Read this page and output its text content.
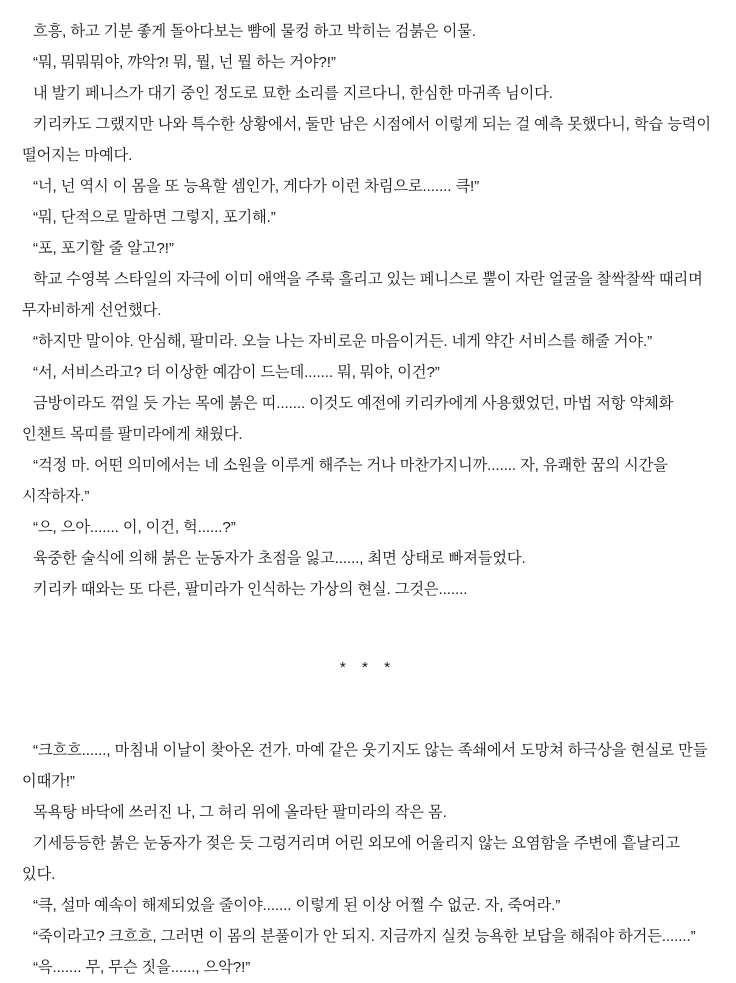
흐흥, 하고 기분 좋게 돌아다보는 뺨에 물컹 하고 박히는 검붉은 이물.

“뭐, 뭐뭐뭐야, 꺄악?! 뭐, 뭘, 넌 뭘 하는 거야?!”

내 발기 페니스가 대기 중인 정도로 묘한 소리를 지르다니, 한심한 마귀족 님이다.

키리카도 그랬지만 나와 특수한 상황에서, 둘만 남은 시점에서 이렇게 되는 걸 예측 못했다니, 학습 능력이 떨어지는 마예다.

“너, 넌 역시 이 몸을 또 능욕할 셈인가, 게다가 이런 차림으로....... 큭!”

“뭐, 단적으로 말하면 그렇지, 포기해.”

“포, 포기할 줄 알고?!”

학교 수영복 스타일의 자극에 이미 애액을 주룩 흘리고 있는 페니스로 뿔이 자란 얼굴을 찰싹찰싹 때리며 무자비하게 선언했다.

“하지만 말이야. 안심해, 팔미라. 오늘 나는 자비로운 마음이거든. 네게 약간 서비스를 해줄 거야.”

“서, 서비스라고? 더 이상한 예감이 드는데....... 뭐, 뭐야, 이건?”

금방이라도 꺾일 듯 가는 목에 붉은 띠....... 이것도 예전에 키리카에게 사용했었던, 마법 저항 약체화 인챈트 목띠를 팔미라에게 채웠다.

“걱정 마. 어떤 의미에서는 네 소원을 이루게 해주는 거나 마찬가지니까....... 자, 유쾌한 꿈의 시간을 시작하자.”

“으, 으아....... 이, 이건, 헉......?”

육중한 술식에 의해 붉은 눈동자가 초점을 잃고......, 최면 상태로 빠져들었다.

키리카 때와는 또 다른, 팔미라가 인식하는 가상의 현실. 그것은.......

* * *

“크흐흐......, 마침내 이날이 찾아온 건가. 마예 같은 웃기지도 않는 족쇄에서 도망쳐 하극상을 현실로 만들 이때가!”

목욕탕 바닥에 쓰러진 나, 그 허리 위에 올라탄 팔미라의 작은 몸.

기세등등한 붉은 눈동자가 젖은 듯 그렁거리며 어린 외모에 어울리지 않는 요염함을 주변에 흩날리고 있다.

“큭, 설마 예속이 해제되었을 줄이야....... 이렇게 된 이상 어쩔 수 없군. 자, 죽여라.”

“죽이라고? 크흐흐, 그러면 이 몸의 분풀이가 안 되지. 지금까지 실컷 능욕한 보답을 해줘야 하거든.......”

“윽....... 무, 무슨 짓을......, 으악?!”
